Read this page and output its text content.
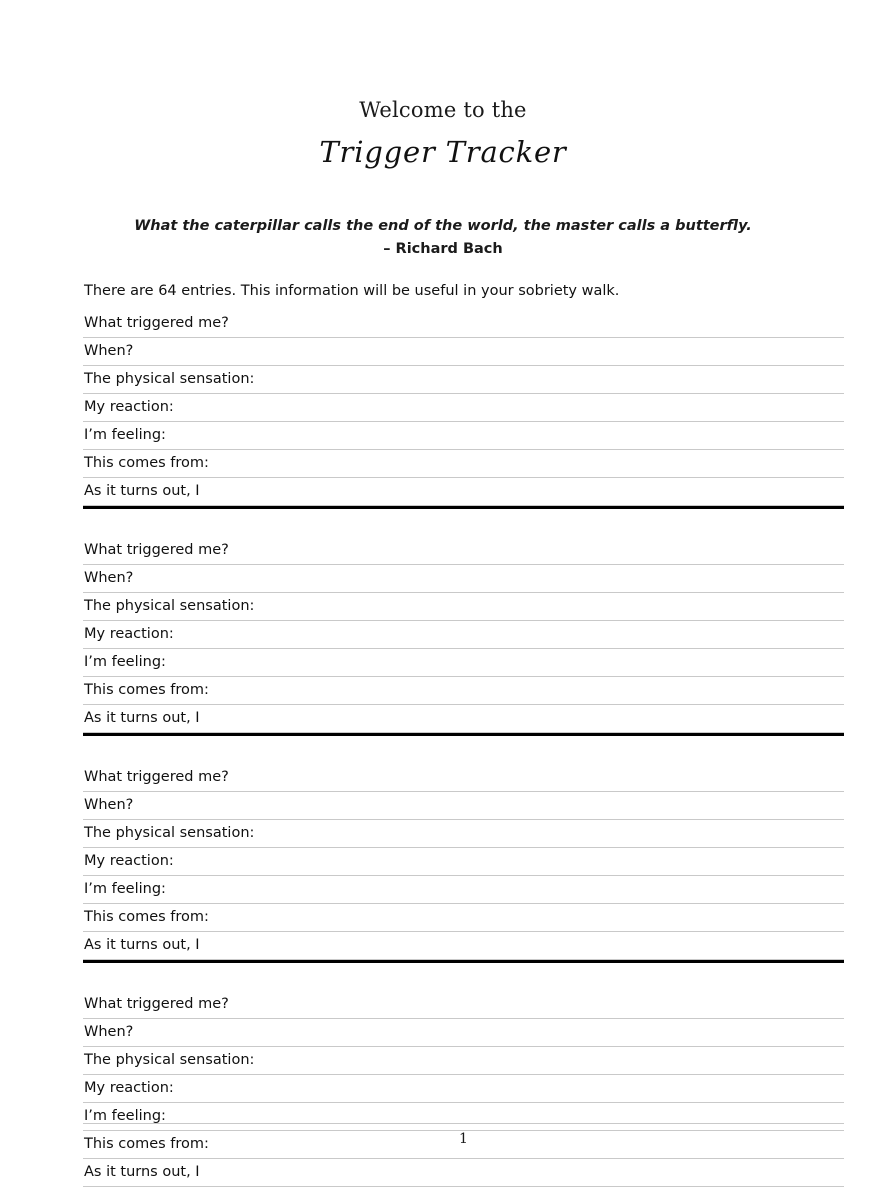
Welcome to the
Trigger Tracker
What the caterpillar calls the end of the world, the master calls a butterfly.
– Richard Bach
There are 64 entries. This information will be useful in your sobriety walk.
What triggered me?
When?
The physical sensation:
My reaction:
I’m feeling:
This comes from:
As it turns out, I
What triggered me?
When?
The physical sensation:
My reaction:
I’m feeling:
This comes from:
As it turns out, I
What triggered me?
When?
The physical sensation:
My reaction:
I’m feeling:
This comes from:
As it turns out, I
What triggered me?
When?
The physical sensation:
My reaction:
I’m feeling:
This comes from:
As it turns out, I
1
